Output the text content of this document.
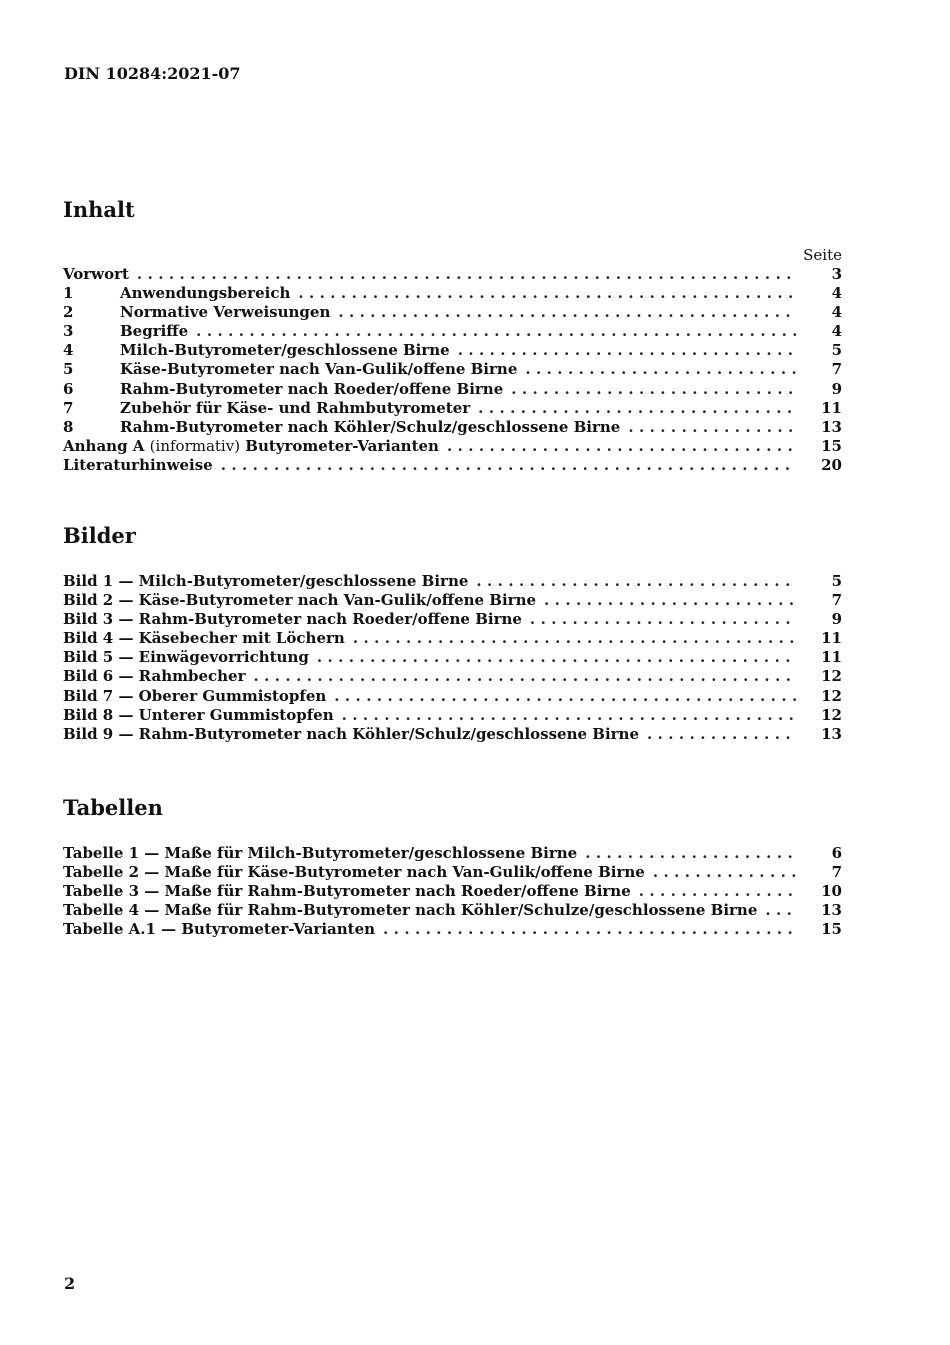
DIN 10284:2021-07
Inhalt
Seite
Vorwort . . .	3
1	Anwendungsbereich . . .	4
2	Normative Verweisungen . . .	4
3	Begriffe . . .	4
4	Milch-Butyrometer/geschlossene Birne . . .	5
5	Käse-Butyrometer nach Van-Gulik/offene Birne . . .	7
6	Rahm-Butyrometer nach Roeder/offene Birne . . .	9
7	Zubehör für Käse- und Rahmbutyrometer . . .	11
8	Rahm-Butyrometer nach Köhler/Schulz/geschlossene Birne . . .	13
Anhang A (informativ) Butyrometer-Varianten . . .	15
Literaturhinweise . . .	20
Bilder
Bild 1 — Milch-Butyrometer/geschlossene Birne . . .	5
Bild 2 — Käse-Butyrometer nach Van-Gulik/offene Birne . . .	7
Bild 3 — Rahm-Butyrometer nach Roeder/offene Birne . . .	9
Bild 4 — Käsebecher mit Löchern . . .	11
Bild 5 — Einwägevorrichtung . . .	11
Bild 6 — Rahmbecher . . .	12
Bild 7 — Oberer Gummistopfen . . .	12
Bild 8 — Unterer Gummistopfen . . .	12
Bild 9 — Rahm-Butyrometer nach Köhler/Schulz/geschlossene Birne . . .	13
Tabellen
Tabelle 1 — Maße für Milch-Butyrometer/geschlossene Birne . . .	6
Tabelle 2 — Maße für Käse-Butyrometer nach Van-Gulik/offene Birne . . .	7
Tabelle 3 — Maße für Rahm-Butyrometer nach Roeder/offene Birne . . .	10
Tabelle 4 — Maße für Rahm-Butyrometer nach Köhler/Schulze/geschlossene Birne . . .	13
Tabelle A.1 — Butyrometer-Varianten . . .	15
2
